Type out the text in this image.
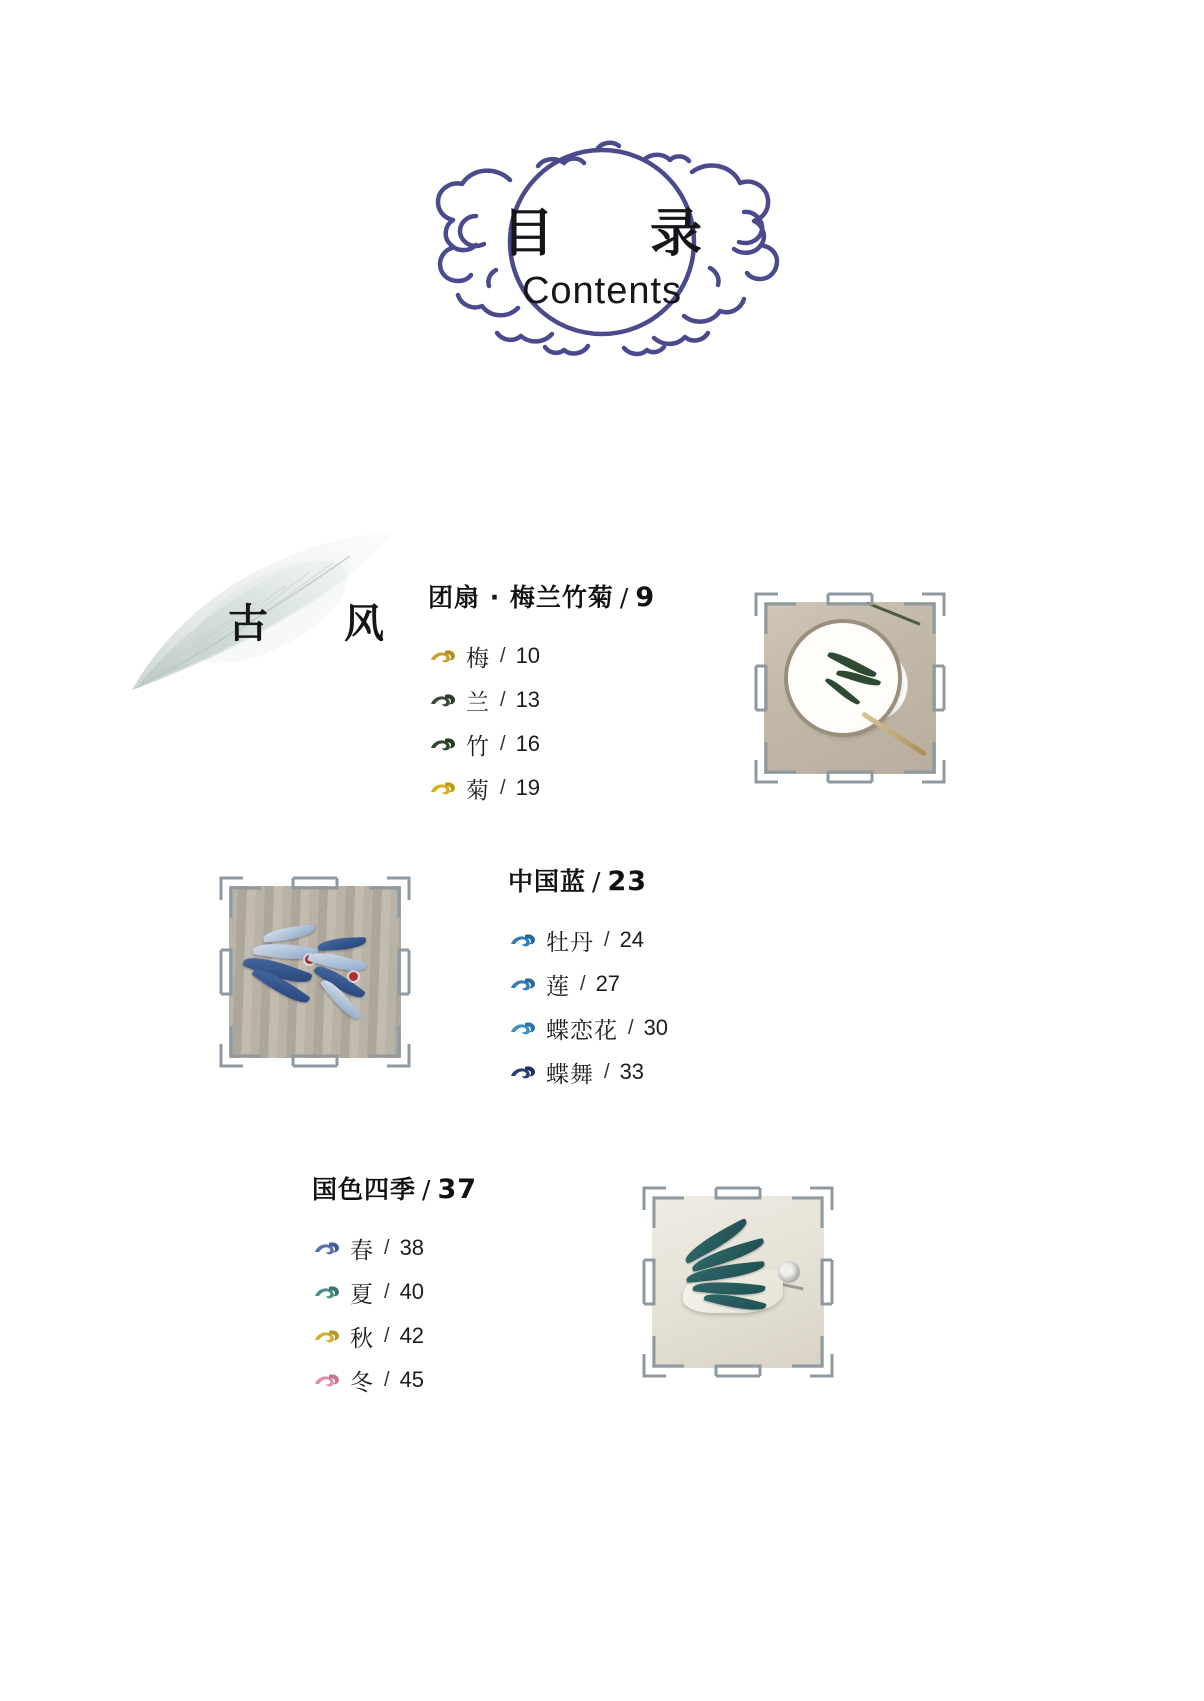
目　录
Contents
古　风
团扇 · 梅兰竹菊 / 9
梅 / 10
兰 / 13
竹 / 16
菊 / 19
中国蓝 / 23
牡丹 / 24
莲 / 27
蝶恋花 / 30
蝶舞 / 33
国色四季 / 37
春 / 38
夏 / 40
秋 / 42
冬 / 45
